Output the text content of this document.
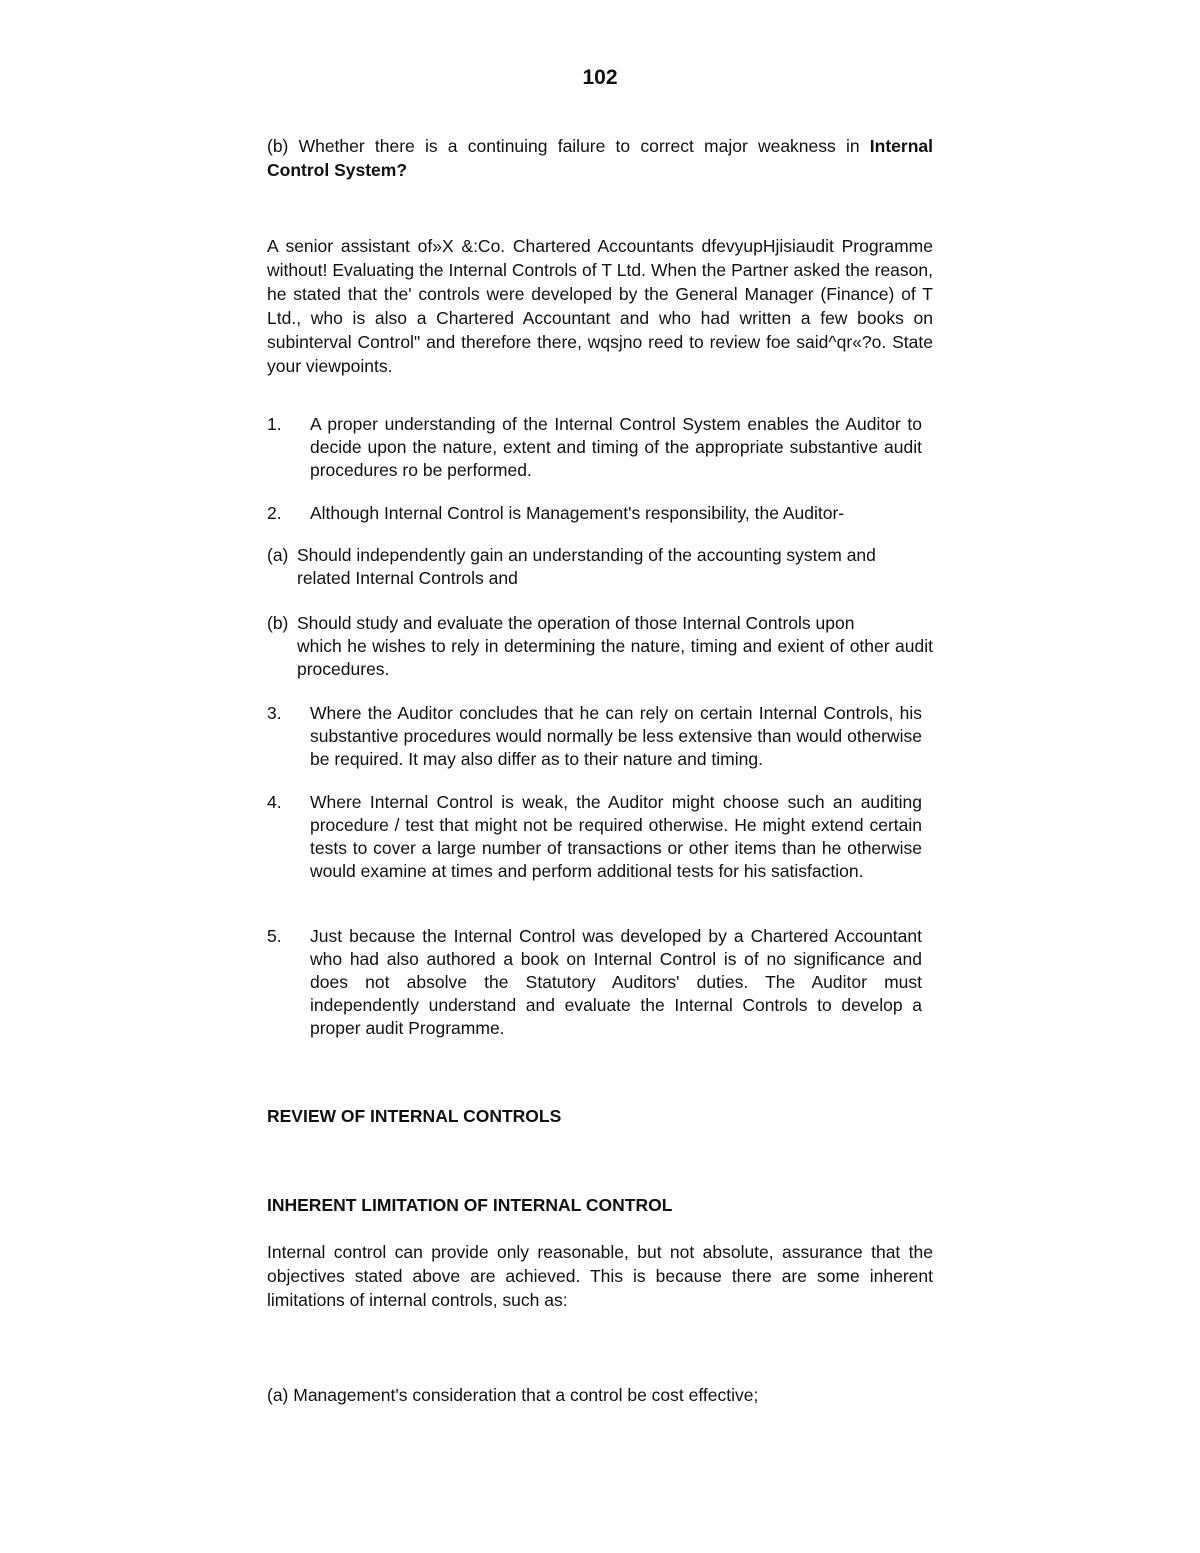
102
(b) Whether there is a continuing failure to correct major weakness in Internal Control System?
A senior assistant of»X &:Co. Chartered Accountants dfevyupHjisiaudit Programme without! Evaluating the Internal Controls of T Ltd. When the Partner asked the reason, he stated that the' controls were developed by the General Manager (Finance) of T Ltd., who is also a Chartered Accountant and who had written a few books on subinterval Control" and therefore there, wqsjno reed to review foe said^qr«?o. State your viewpoints.
1. A proper understanding of the Internal Control System enables the Auditor to decide upon the nature, extent and timing of the appropriate substantive audit procedures ro be performed.
2. Although Internal Control is Management's responsibility, the Auditor-
(a) Should independently gain an understanding of the accounting system and
related Internal Controls and
(b) Should study and evaluate the operation of those Internal Controls upon
which he wishes to rely in determining the nature, timing and exient of other audit procedures.
3. Where the Auditor concludes that he can rely on certain Internal Controls, his substantive procedures would normally be less extensive than would otherwise be required. It may also differ as to their nature and timing.
4. Where Internal Control is weak, the Auditor might choose such an auditing procedure / test that might not be required otherwise. He might extend certain tests to cover a large number of transactions or other items than he otherwise would examine at times and perform additional tests for his satisfaction.
5. Just because the Internal Control was developed by a Chartered Accountant who had also authored a book on Internal Control is of no significance and does not absolve the Statutory Auditors' duties. The Auditor must independently understand and evaluate the Internal Controls to develop a proper audit Programme.
REVIEW OF INTERNAL CONTROLS
INHERENT LIMITATION OF INTERNAL CONTROL
Internal control can provide only reasonable, but not absolute, assurance that the objectives stated above are achieved. This is because there are some inherent limitations of internal controls, such as:
(a) Management's consideration that a control be cost effective;
